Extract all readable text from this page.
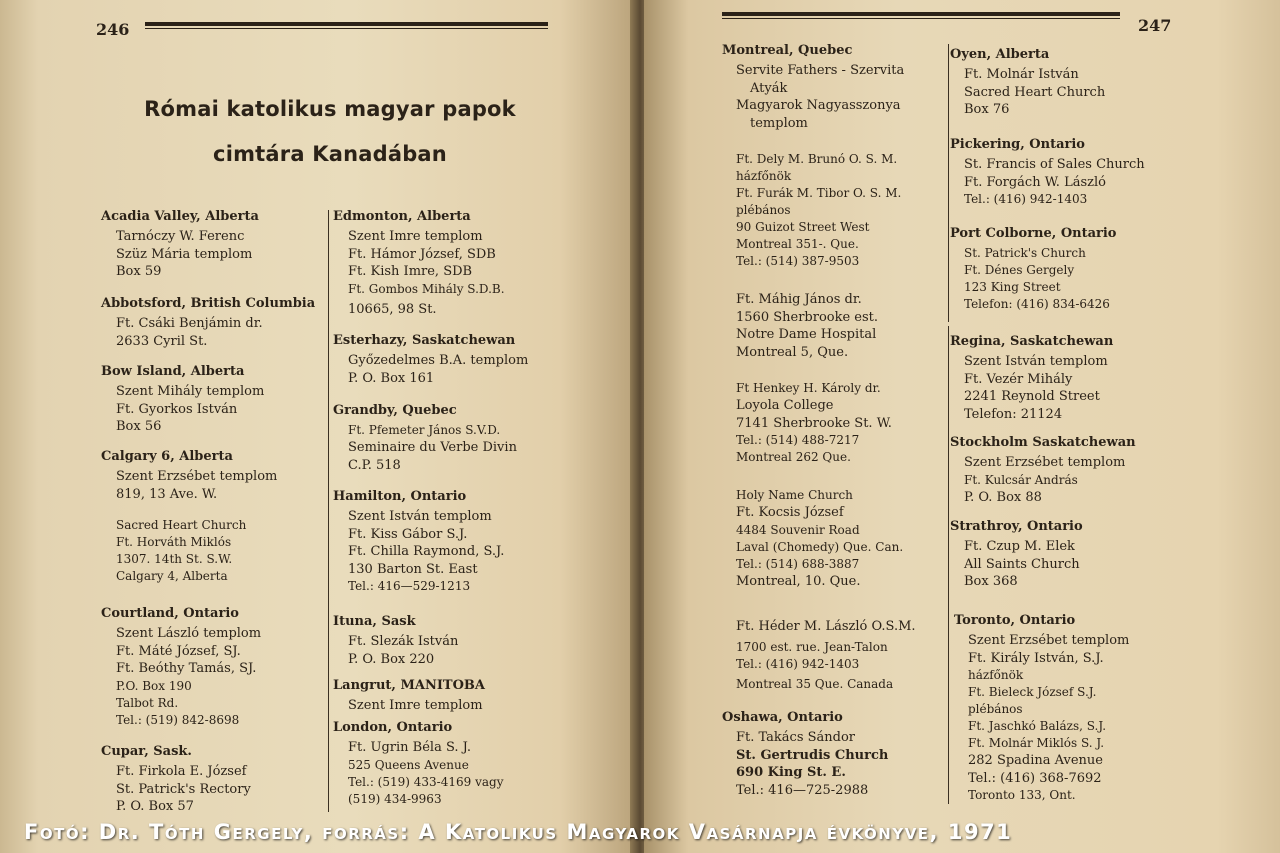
246
Római katolikus magyar papok
cimtára Kanadában
Acadia Valley, Alberta
Tarnóczy W. Ferenc
Szüz Mária templom
Box 59
Abbotsford, British Columbia
Ft. Csáki Benjámin dr.
2633 Cyril St.
Bow Island, Alberta
Szent Mihály templom
Ft. Gyorkos István
Box 56
Calgary 6, Alberta
Szent Erzsébet templom
819, 13 Ave. W.
Sacred Heart Church
Ft. Horváth Miklós
1307. 14th St. S.W.
Calgary 4, Alberta
Courtland, Ontario
Szent László templom
Ft. Máté József, SJ.
Ft. Beóthy Tamás, SJ.
P.O. Box 190
Talbot Rd.
Tel.: (519) 842-8698
Cupar, Sask.
Ft. Firkola E. József
St. Patrick's Rectory
P. O. Box 57
Edmonton, Alberta
Szent Imre templom
Ft. Hámor József, SDB
Ft. Kish Imre, SDB
Ft. Gombos Mihály S.D.B.
10665, 98 St.
Esterhazy, Saskatchewan
Győzedelmes B.A. templom
P. O. Box 161
Grandby, Quebec
Ft. Pfemeter János S.V.D.
Seminaire du Verbe Divin
C.P. 518
Hamilton, Ontario
Szent István templom
Ft. Kiss Gábor S.J.
Ft. Chilla Raymond, S.J.
130 Barton St. East
Tel.: 416—529-1213
Ituna, Sask
Ft. Slezák István
P. O. Box 220
Langrut, MANITOBA
Szent Imre templom
London, Ontario
Ft. Ugrin Béla S. J.
525 Queens Avenue
Tel.: (519) 433-4169 vagy
(519) 434-9963
247
Montreal, Quebec
Servite Fathers - Szervita
Atyák
Magyarok Nagyasszonya
templom
Ft. Dely M. Brunó O. S. M.
házfőnök
Ft. Furák M. Tibor O. S. M.
plébános
90 Guizot Street West
Montreal 351-. Que.
Tel.: (514) 387-9503
Ft. Máhig János dr.
1560 Sherbrooke est.
Notre Dame Hospital
Montreal 5, Que.
Ft Henkey H. Károly dr.
Loyola College
7141 Sherbrooke St. W.
Tel.: (514) 488-7217
Montreal 262 Que.
Holy Name Church
Ft. Kocsis József
4484 Souvenir Road
Laval (Chomedy) Que. Can.
Tel.: (514) 688-3887
Montreal, 10. Que.
Ft. Héder M. László O.S.M.
1700 est. rue. Jean-Talon
Tel.: (416) 942-1403
Montreal 35 Que. Canada
Oshawa, Ontario
Ft. Takács Sándor
St. Gertrudis Church
690 King St. E.
Tel.: 416—725-2988
Oyen, Alberta
Ft. Molnár István
Sacred Heart Church
Box 76
Pickering, Ontario
St. Francis of Sales Church
Ft. Forgách W. László
Tel.: (416) 942-1403
Port Colborne, Ontario
St. Patrick's Church
Ft. Dénes Gergely
123 King Street
Telefon: (416) 834-6426
Regina, Saskatchewan
Szent István templom
Ft. Vezér Mihály
2241 Reynold Street
Telefon: 21124
Stockholm Saskatchewan
Szent Erzsébet templom
Ft. Kulcsár András
P. O. Box 88
Strathroy, Ontario
Ft. Czup M. Elek
All Saints Church
Box 368
Toronto, Ontario
Szent Erzsébet templom
Ft. Király István, S.J.
házfőnök
Ft. Bieleck József S.J.
plébános
Ft. Jaschkó Balázs, S.J.
Ft. Molnár Miklós S. J.
282 Spadina Avenue
Tel.: (416) 368-7692
Toronto 133, Ont.
Fotó: Dr. Tóth Gergely, forrás: A Katolikus Magyarok Vasárnapja évkönyve, 1971
